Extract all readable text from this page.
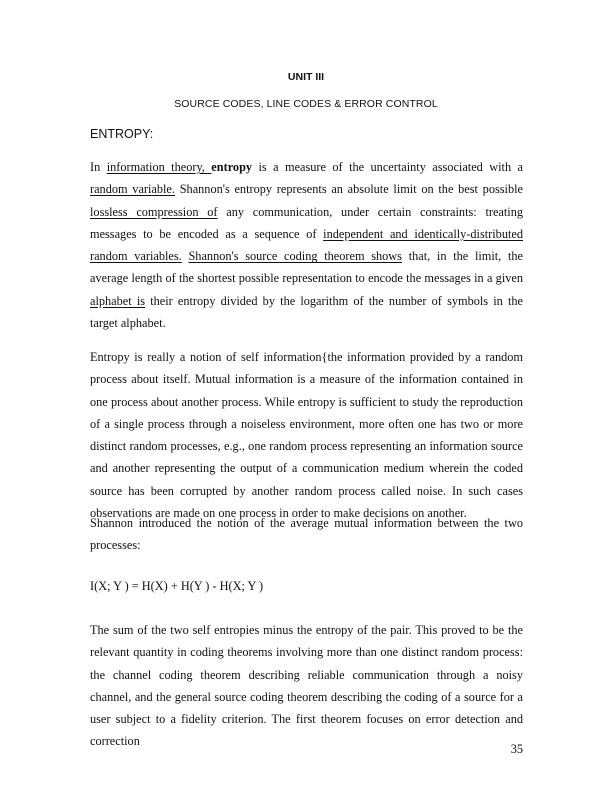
UNIT III
SOURCE CODES, LINE CODES & ERROR CONTROL
ENTROPY:
In information theory, entropy is a measure of the uncertainty associated with a random variable. Shannon's entropy represents an absolute limit on the best possible lossless compression of any communication, under certain constraints: treating messages to be encoded as a sequence of independent and identically-distributed random variables. Shannon's source coding theorem shows that, in the limit, the average length of the shortest possible representation to encode the messages in a given alphabet is their entropy divided by the logarithm of the number of symbols in the target alphabet.
Entropy is really a notion of self information{the information provided by a random process about itself. Mutual information is a measure of the information contained in one process about another process. While entropy is sufficient to study the reproduction of a single process through a noiseless environment, more often one has two or more distinct random processes, e.g., one random process representing an information source and another representing the output of a communication medium wherein the coded source has been corrupted by another random process called noise. In such cases observations are made on one process in order to make decisions on another.
Shannon introduced the notion of the average mutual information between the two processes:
I(X; Y ) = H(X) + H(Y ) - H(X; Y )
The sum of the two self entropies minus the entropy of the pair. This proved to be the relevant quantity in coding theorems involving more than one distinct random process: the channel coding theorem describing reliable communication through a noisy channel, and the general source coding theorem describing the coding of a source for a user subject to a fidelity criterion. The first theorem focuses on error detection and correction
35
